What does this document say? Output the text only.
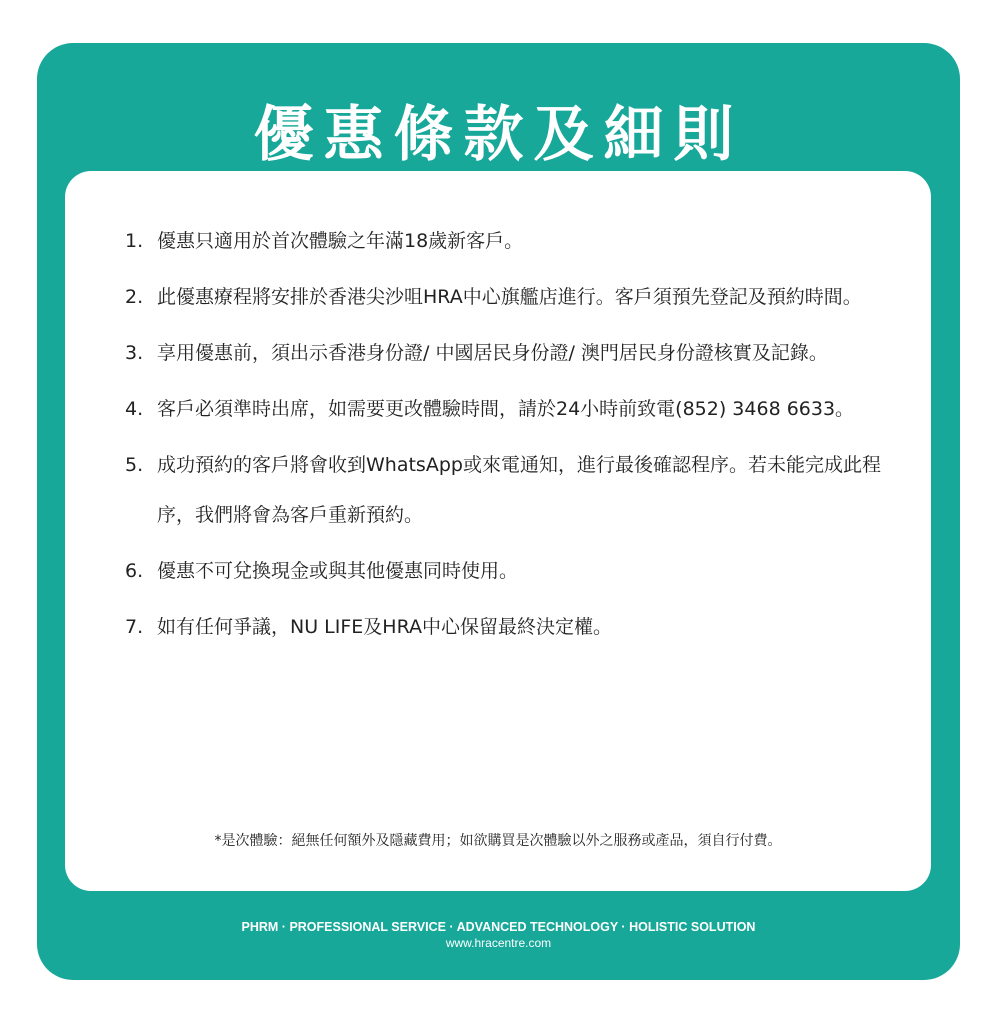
優惠條款及細則
1. 優惠只適用於首次體驗之年滿18歲新客戶。
2. 此優惠療程將安排於香港尖沙咀HRA中心旗艦店進行。客戶須預先登記及預約時間。
3. 享用優惠前，須出示香港身份證/ 中國居民身份證/ 澳門居民身份證核實及記錄。
4. 客戶必須準時出席，如需要更改體驗時間，請於24小時前致電(852) 3468 6633。
5. 成功預約的客戶將會收到WhatsApp或來電通知，進行最後確認程序。若未能完成此程序，我們將會為客戶重新預約。
6. 優惠不可兌換現金或與其他優惠同時使用。
7. 如有任何爭議，NU LIFE及HRA中心保留最終決定權。
*是次體驗：絕無任何額外及隱藏費用；如欲購買是次體驗以外之服務或產品，須自行付費。
PHRM · PROFESSIONAL SERVICE · ADVANCED TECHNOLOGY · HOLISTIC SOLUTION
www.hracentre.com
